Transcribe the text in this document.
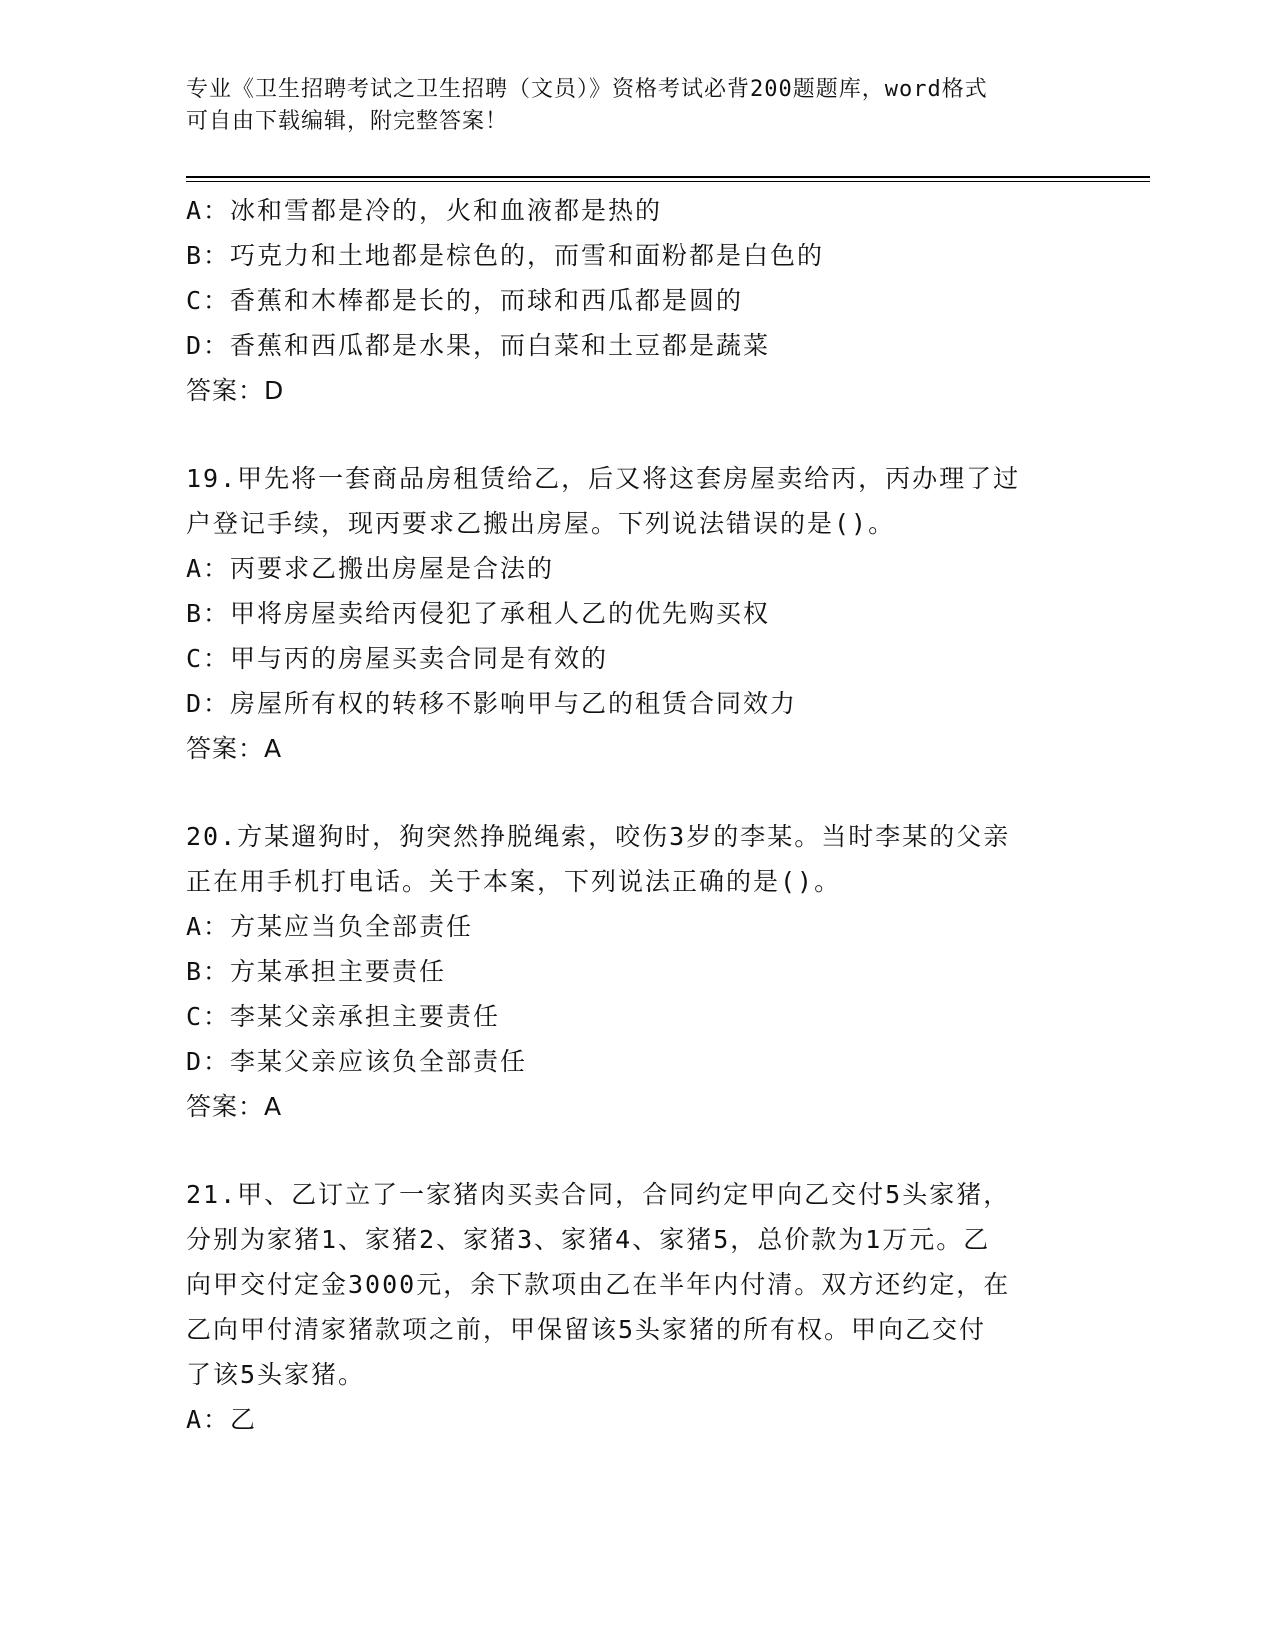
专业《卫生招聘考试之卫生招聘（文员）》资格考试必背200题题库，word格式
可自由下载编辑，附完整答案！
A：冰和雪都是冷的，火和血液都是热的
B：巧克力和土地都是棕色的，而雪和面粉都是白色的
C：香蕉和木棒都是长的，而球和西瓜都是圆的
D：香蕉和西瓜都是水果，而白菜和土豆都是蔬菜
答案：D
19.甲先将一套商品房租赁给乙，后又将这套房屋卖给丙，丙办理了过
户登记手续，现丙要求乙搬出房屋。下列说法错误的是()。
A：丙要求乙搬出房屋是合法的
B：甲将房屋卖给丙侵犯了承租人乙的优先购买权
C：甲与丙的房屋买卖合同是有效的
D：房屋所有权的转移不影响甲与乙的租赁合同效力
答案：A
20.方某遛狗时，狗突然挣脱绳索，咬伤3岁的李某。当时李某的父亲
正在用手机打电话。关于本案，下列说法正确的是()。
A：方某应当负全部责任
B：方某承担主要责任
C：李某父亲承担主要责任
D：李某父亲应该负全部责任
答案：A
21.甲、乙订立了一家猪肉买卖合同，合同约定甲向乙交付5头家猪，
分别为家猪1、家猪2、家猪3、家猪4、家猪5，总价款为1万元。乙
向甲交付定金3000元，余下款项由乙在半年内付清。双方还约定，在
乙向甲付清家猪款项之前，甲保留该5头家猪的所有权。甲向乙交付
了该5头家猪。
A：乙
